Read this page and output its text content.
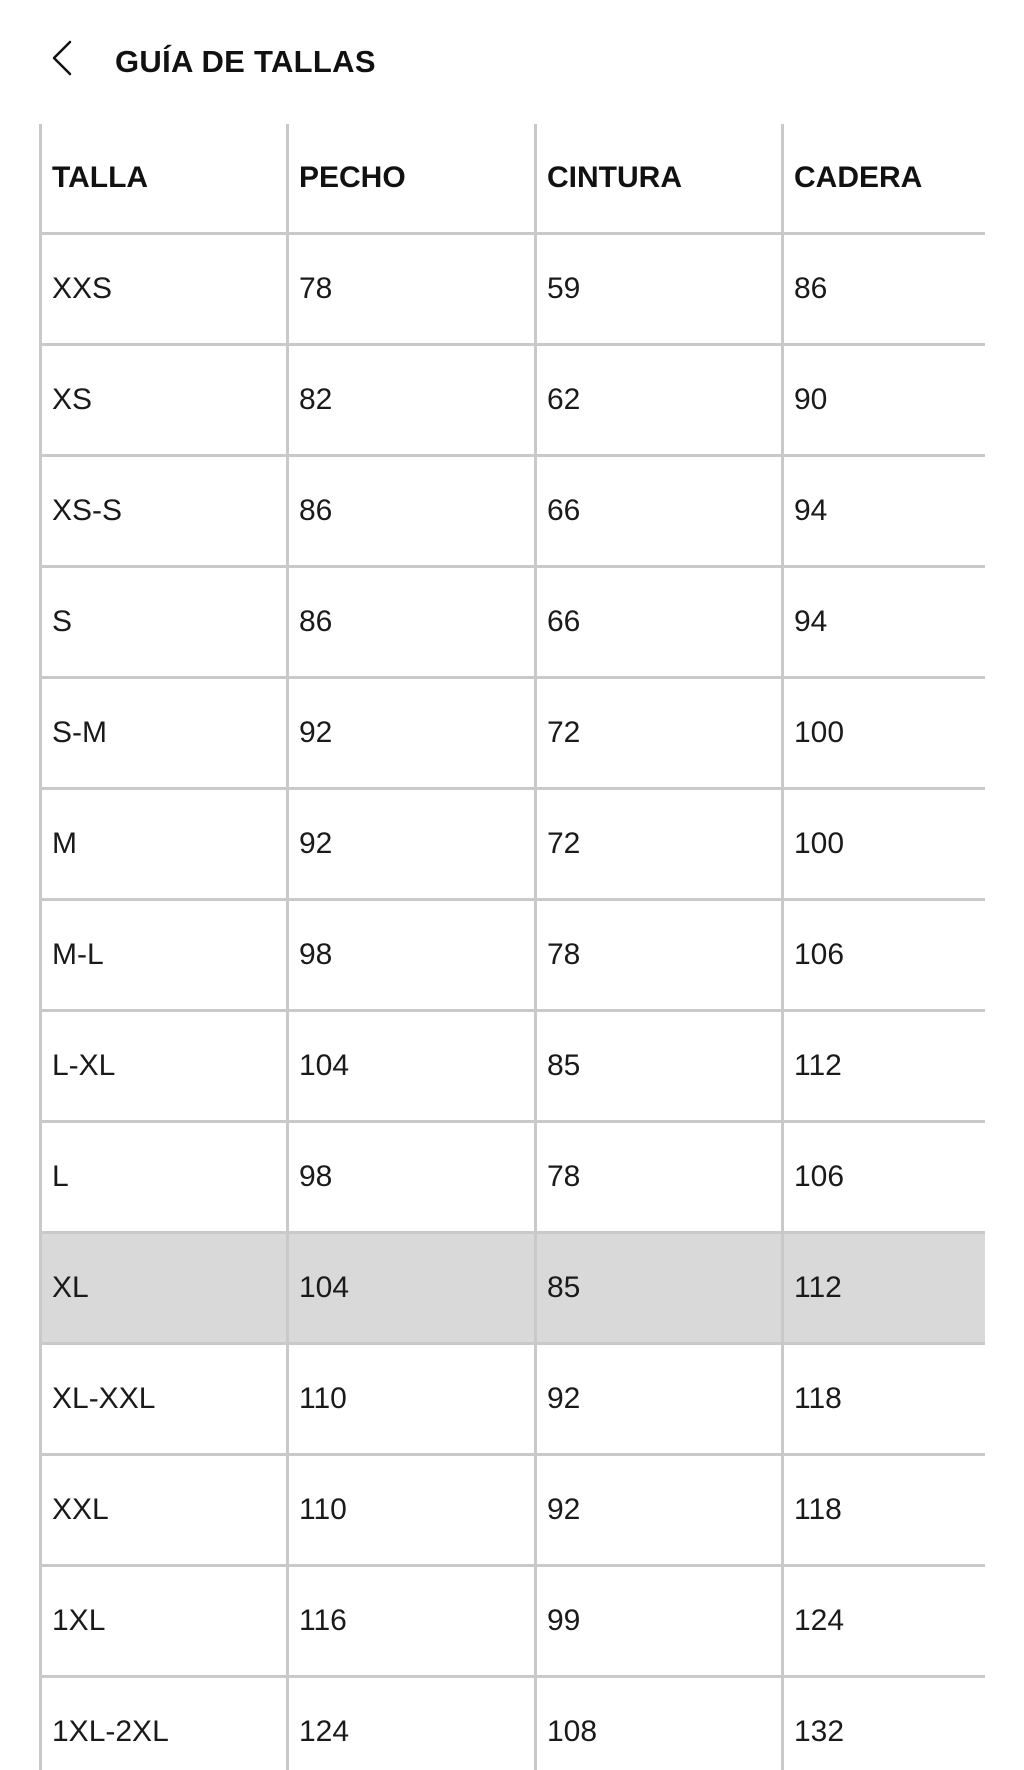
GUÍA DE TALLAS
TALLA	PECHO	CINTURA	CADERA
XXS	78	59	86
XS	82	62	90
XS-S	86	66	94
S	86	66	94
S-M	92	72	100
M	92	72	100
M-L	98	78	106
L-XL	104	85	112
L	98	78	106
XL	104	85	112
XL-XXL	110	92	118
XXL	110	92	118
1XL	116	99	124
1XL-2XL	124	108	132
